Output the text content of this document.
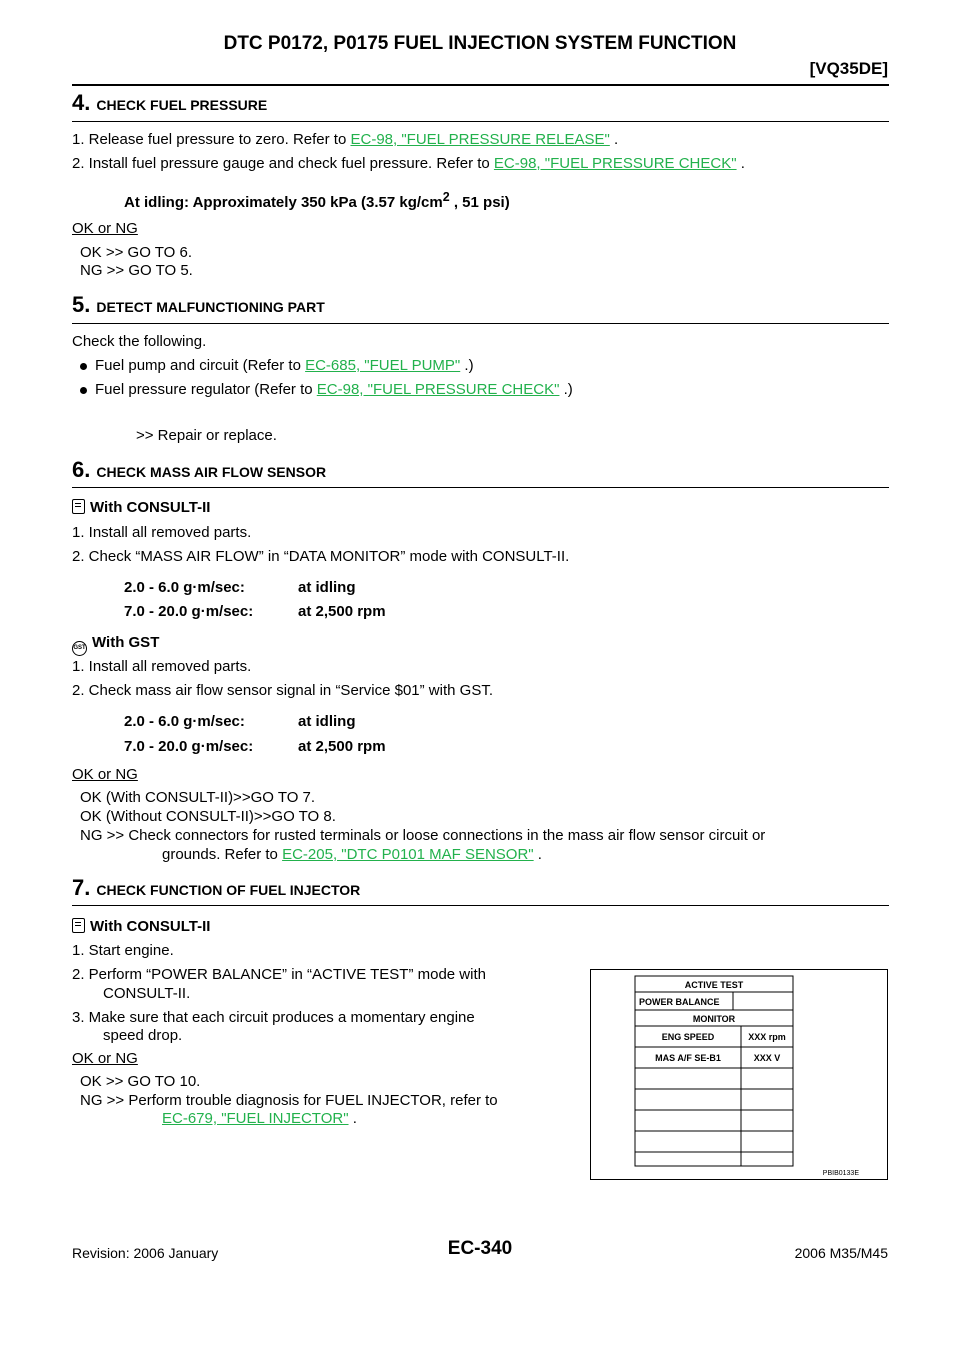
DTC P0172, P0175 FUEL INJECTION SYSTEM FUNCTION
[VQ35DE]
4. CHECK FUEL PRESSURE
1. Release fuel pressure to zero. Refer to EC-98, "FUEL PRESSURE RELEASE" .
2. Install fuel pressure gauge and check fuel pressure. Refer to EC-98, "FUEL PRESSURE CHECK" .
At idling: Approximately 350 kPa (3.57 $kg/cm^2$ , 51 psi)
OK or NG
OK >> GO TO 6.
NG >> GO TO 5.
5. DETECT MALFUNCTIONING PART
Check the following.
Fuel pump and circuit (Refer to EC-685, "FUEL PUMP" .)
Fuel pressure regulator (Refer to EC-98, "FUEL PRESSURE CHECK" .)
>> Repair or replace.
6. CHECK MASS AIR FLOW SENSOR
With CONSULT-II
1. Install all removed parts.
2. Check “MASS AIR FLOW” in “DATA MONITOR” mode with CONSULT-II.
2.0 - 6.0 g·m/sec:	at idling
7.0 - 20.0 g·m/sec:	at 2,500 rpm
GST With GST
1. Install all removed parts.
2. Check mass air flow sensor signal in “Service $01” with GST.
2.0 - 6.0 g·m/sec:	at idling
7.0 - 20.0 g·m/sec:	at 2,500 rpm
OK or NG
OK (With CONSULT-II)>>GO TO 7.
OK (Without CONSULT-II)>>GO TO 8.
NG >> Check connectors for rusted terminals or loose connections in the mass air flow sensor circuit or
grounds. Refer to EC-205, "DTC P0101 MAF SENSOR" .
7. CHECK FUNCTION OF FUEL INJECTOR
With CONSULT-II
1. Start engine.
2. Perform “POWER BALANCE” in “ACTIVE TEST” mode with
CONSULT-II.
3. Make sure that each circuit produces a momentary engine
speed drop.
OK or NG
OK >> GO TO 10.
NG >> Perform trouble diagnosis for FUEL INJECTOR, refer to
EC-679, "FUEL INJECTOR" .
ACTIVE TEST
POWER BALANCE
MONITOR
ENG SPEED	XXX rpm
MAS A/F SE-B1	XXX V
PBIB0133E
EC-340
Revision: 2006 January	2006 M35/M45
